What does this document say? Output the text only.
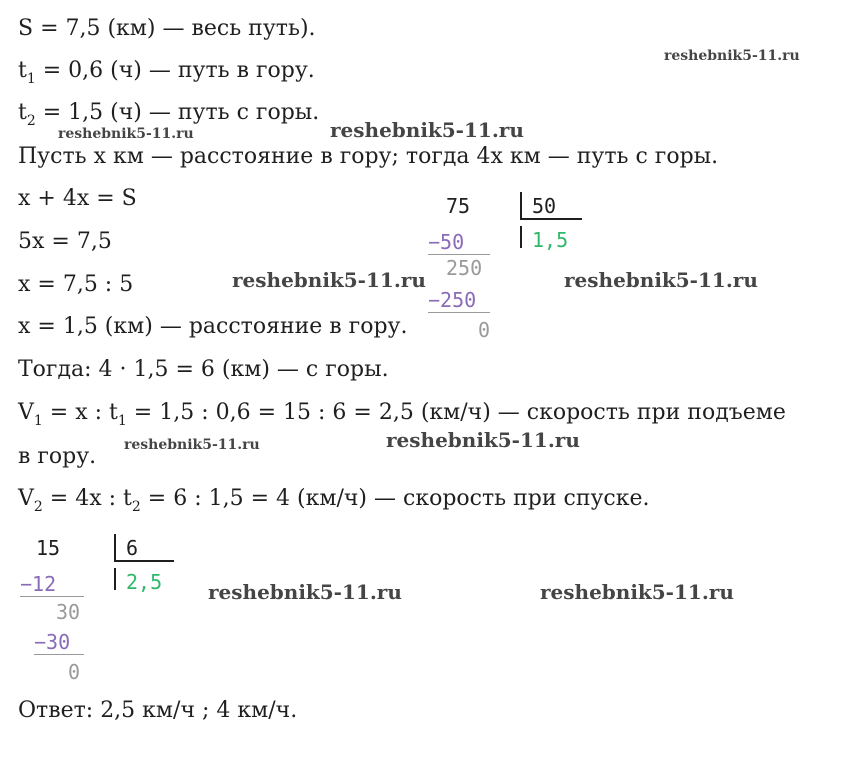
S = 7,5 (км) — весь путь).
$t_1 = 0,6$ (ч) — путь в гору.
$t_2 = 1,5$ (ч) — путь с горы.
Пусть x км — расстояние в гору; тогда 4x км — путь с горы.
x + 4x = S
5x = 7,5
x = 7,5 : 5
x = 1,5 (км) — расстояние в гору.
Тогда: 4 · 1,5 = 6 (км) — с горы.
$V_1 = x$ : $t_1 = 1,5$ : 0,6 = 15 : 6 = 2,5 (км/ч) — скорость при подъеме
в гору.
$V_2 = 4x$ : $t_2 = 6$ : 1,5 = 4 (км/ч) — скорость при спуске.
Ответ: 2,5 км/ч ; 4 км/ч.
75	50
1,5
−50
250
−250
0
15	6
2,5
−12
30
−30
0
reshebnik5-11.ru
reshebnik5-11.ru	reshebnik5-11.ru
reshebnik5-11.ru	reshebnik5-11.ru
reshebnik5-11.ru	reshebnik5-11.ru
reshebnik5-11.ru	reshebnik5-11.ru
